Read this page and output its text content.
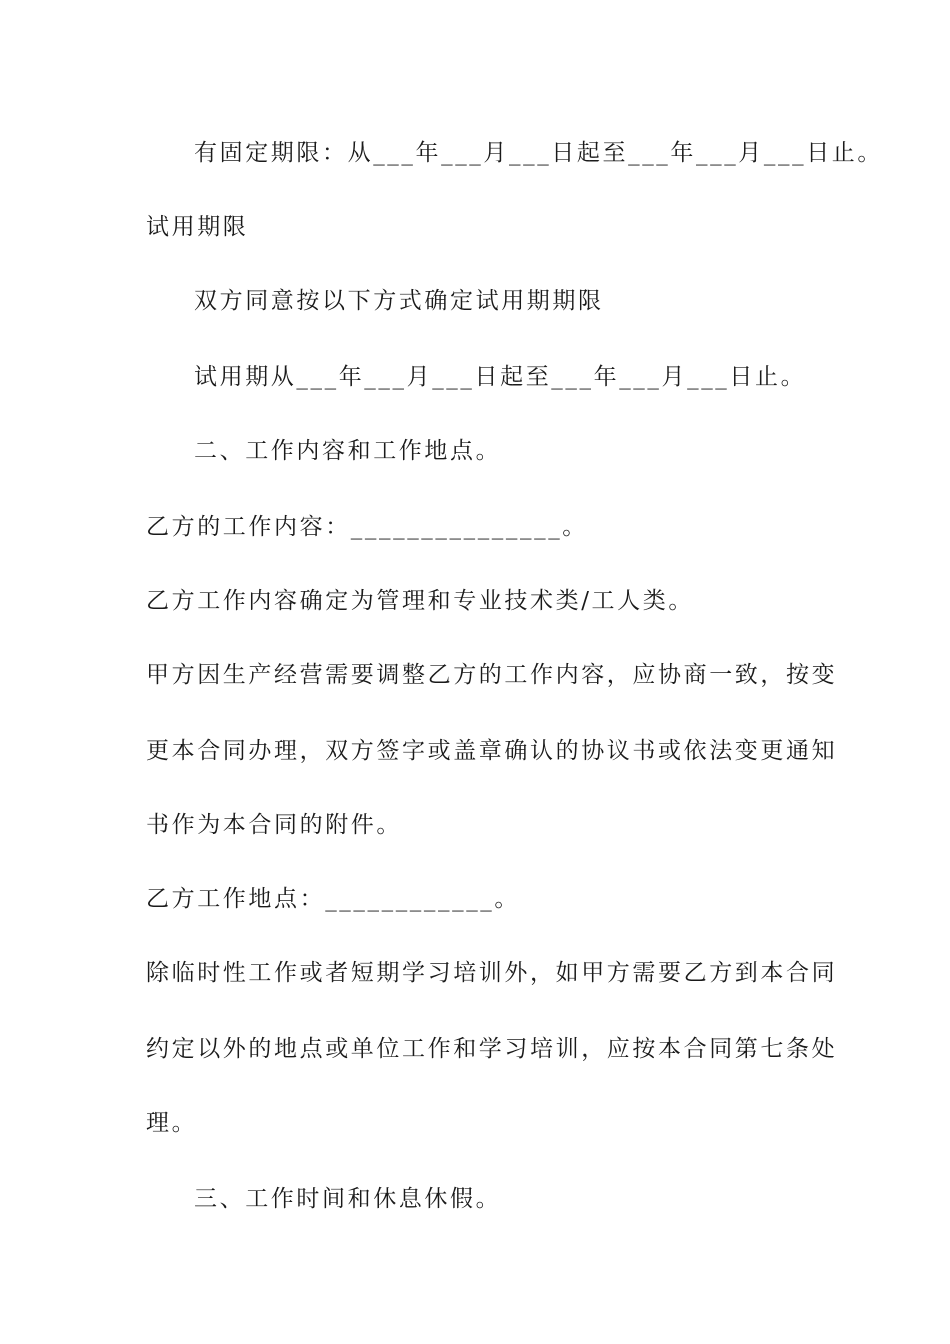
有固定期限：从___年___月___日起至___年___月___日止。
试用期限
双方同意按以下方式确定试用期期限
试用期从___年___月___日起至___年___月___日止。
二、工作内容和工作地点。
乙方的工作内容：_______________。
乙方工作内容确定为管理和专业技术类/工人类。
甲方因生产经营需要调整乙方的工作内容，应协商一致，按变
更本合同办理，双方签字或盖章确认的协议书或依法变更通知
书作为本合同的附件。
乙方工作地点：____________。
除临时性工作或者短期学习培训外，如甲方需要乙方到本合同
约定以外的地点或单位工作和学习培训，应按本合同第七条处
理。
三、工作时间和休息休假。
